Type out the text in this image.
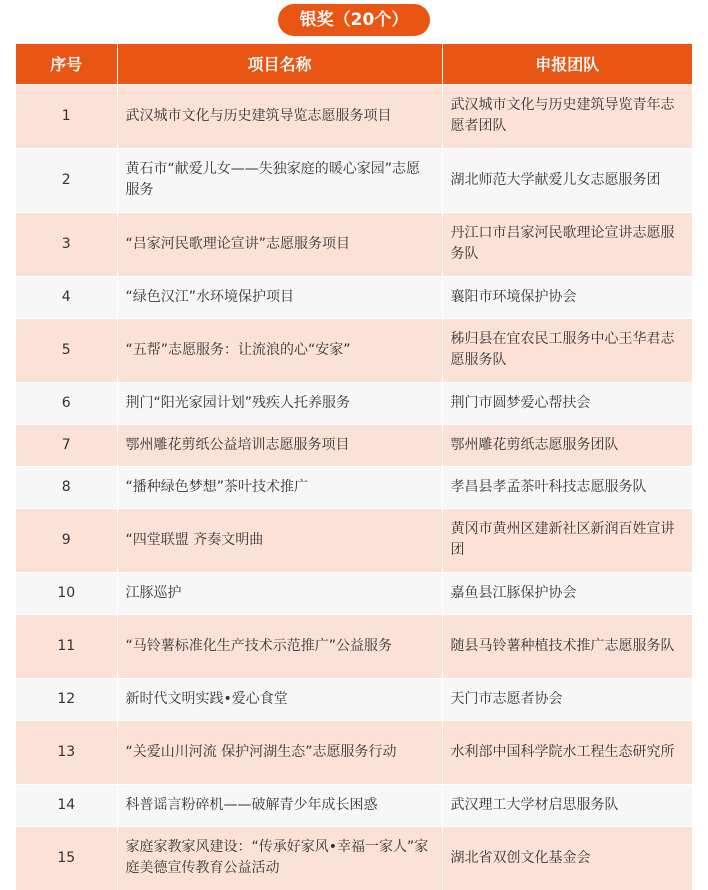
银奖（20个）
序号	项目名称	申报团队
1	武汉城市文化与历史建筑导览志愿服务项目	武汉城市文化与历史建筑导览青年志愿者团队
2	黄石市“献爱儿女——失独家庭的暖心家园”志愿服务	湖北师范大学献爱儿女志愿服务团
3	“吕家河民歌理论宣讲”志愿服务项目	丹江口市吕家河民歌理论宣讲志愿服务队
4	“绿色汉江”水环境保护项目	襄阳市环境保护协会
5	“五帮”志愿服务：让流浪的心“安家”	秭归县在宜农民工服务中心王华君志愿服务队
6	荆门“阳光家园计划”残疾人托养服务	荆门市圆梦爱心帮扶会
7	鄂州雕花剪纸公益培训志愿服务项目	鄂州雕花剪纸志愿服务团队
8	“播种绿色梦想”茶叶技术推广	孝昌县孝孟茶叶科技志愿服务队
9	“四堂联盟 齐奏文明曲	黄冈市黄州区建新社区新润百姓宣讲团
10	江豚巡护	嘉鱼县江豚保护协会
11	“马铃薯标准化生产技术示范推广”公益服务	随县马铃薯种植技术推广志愿服务队
12	新时代文明实践•爱心食堂	天门市志愿者协会
13	“关爱山川河流 保护河湖生态”志愿服务行动	水利部中国科学院水工程生态研究所
14	科普谣言粉碎机——破解青少年成长困惑	武汉理工大学材启思服务队
15	家庭家教家风建设：“传承好家风•幸福一家人”家庭美德宣传教育公益活动	湖北省双创文化基金会
